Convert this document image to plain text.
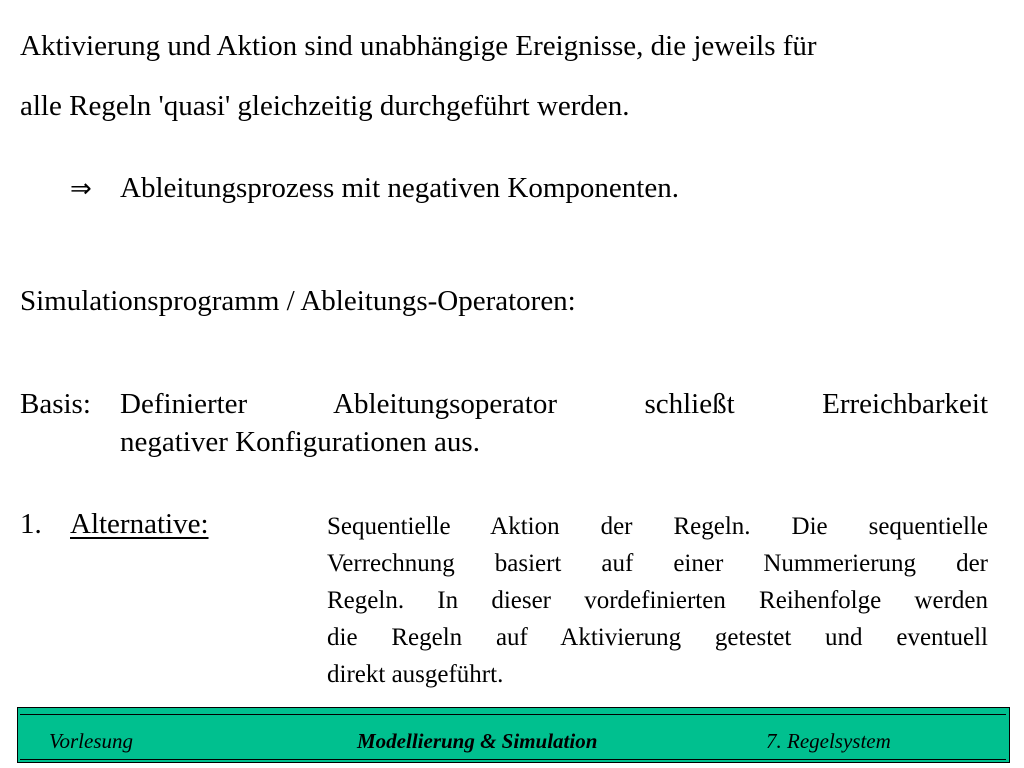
Aktivierung und Aktion sind unabhängige Ereignisse, die jeweils für
alle Regeln 'quasi' gleichzeitig durchgeführt werden.
⇒ Ableitungsprozess mit negativen Komponenten.
Simulationsprogramm / Ableitungs-Operatoren:
Basis: Definierter Ableitungsoperator schließt Erreichbarkeit
negativer Konfigurationen aus.
1. Alternative:	Sequentielle Aktion der Regeln. Die sequentielle
Verrechnung basiert auf einer Nummerierung der
Regeln. In dieser vordefinierten Reihenfolge werden
die Regeln auf Aktivierung getestet und eventuell
direkt ausgeführt.
Vorlesung	Modellierung & Simulation	7. Regelsystem
